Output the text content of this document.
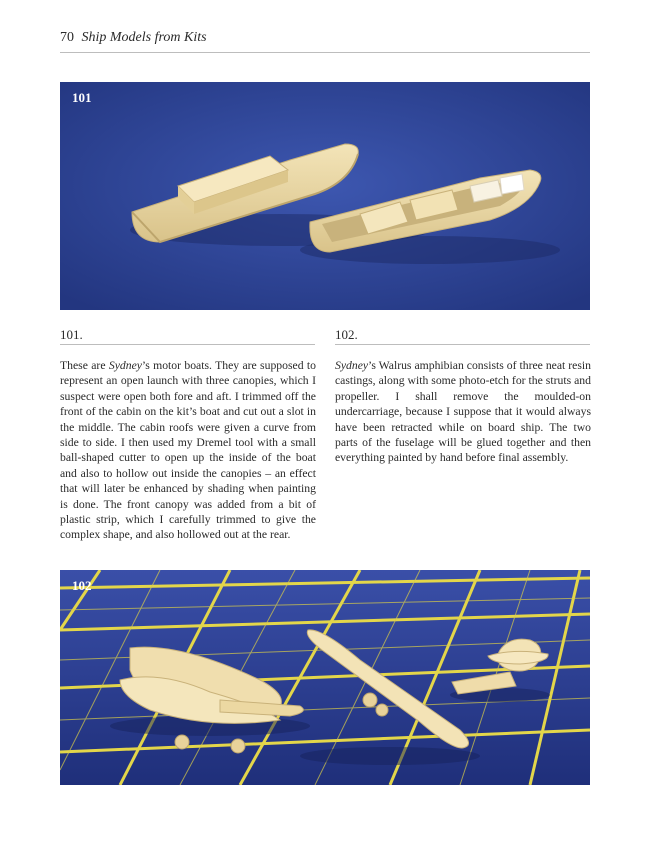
70 Ship Models from Kits
101
101.	102.

These are Sydney’s motor boats. They are supposed to represent an open launch with three canopies, which I suspect were open both fore and aft. I trimmed off the front of the cabin on the kit’s boat and cut out a slot in the middle. The cabin roofs were given a curve from side to side. I then used my Dremel tool with a small ball-shaped cutter to open up the inside of the boat and also to hollow out inside the canopies – an effect that will later be enhanced by shading when painting is done. The front canopy was added from a bit of plastic strip, which I carefully trimmed to give the complex shape, and also hollowed out at the rear.

Sydney’s Walrus amphibian consists of three neat resin castings, along with some photo-etch for the struts and propeller. I shall remove the moulded-on undercarriage, because I suppose that it would always have been retracted while on board ship. The two parts of the fuselage will be glued together and then everything painted by hand before final assembly.

102
